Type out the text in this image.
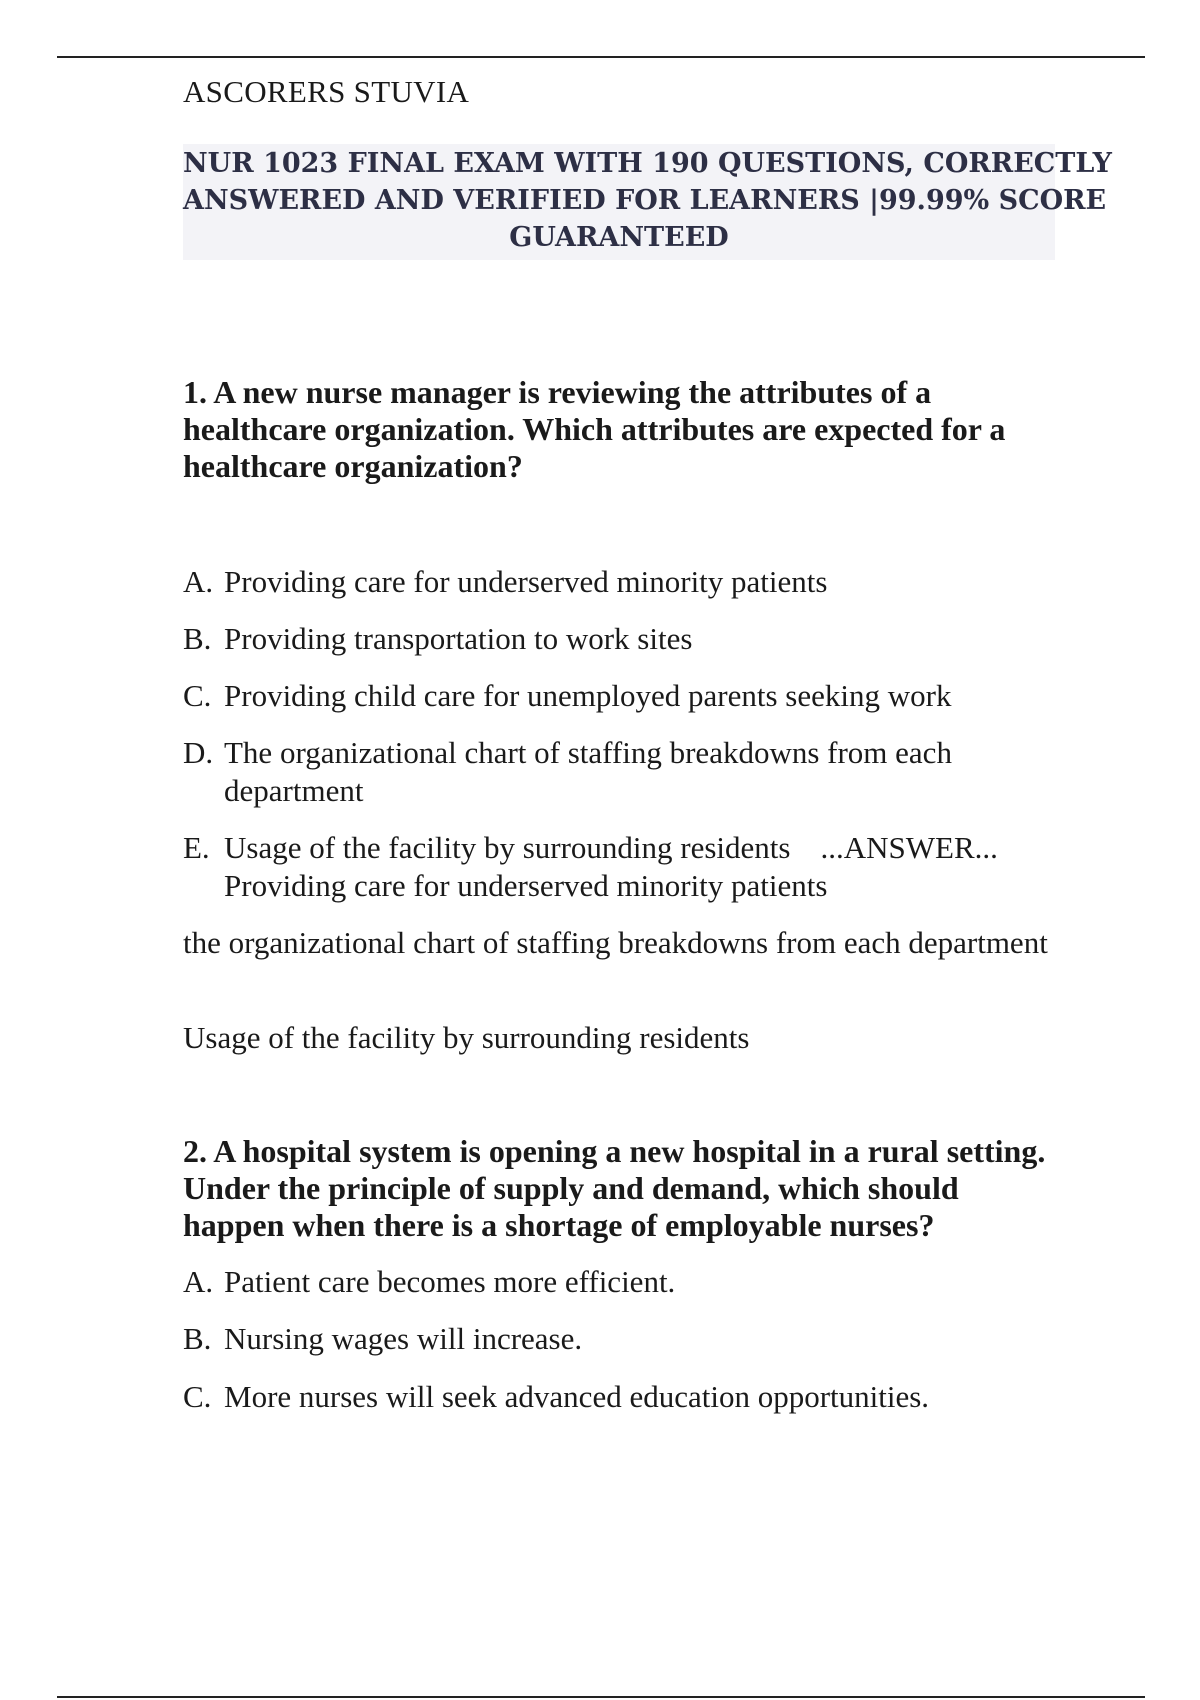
ASCORERS STUVIA
NUR 1023 FINAL EXAM WITH 190 QUESTIONS, CORRECTLY
ANSWERED AND VERIFIED FOR LEARNERS |99.99% SCORE
GUARANTEED
1. A new nurse manager is reviewing the attributes of a healthcare organization. Which attributes are expected for a healthcare organization?
A. Providing care for underserved minority patients
B. Providing transportation to work sites
C. Providing child care for unemployed parents seeking work
D. The organizational chart of staffing breakdowns from each department
E. Usage of the facility by surrounding residents ...ANSWER...
Providing care for underserved minority patients
the organizational chart of staffing breakdowns from each department
Usage of the facility by surrounding residents
2. A hospital system is opening a new hospital in a rural setting. Under the principle of supply and demand, which should happen when there is a shortage of employable nurses?
A. Patient care becomes more efficient.
B. Nursing wages will increase.
C. More nurses will seek advanced education opportunities.
